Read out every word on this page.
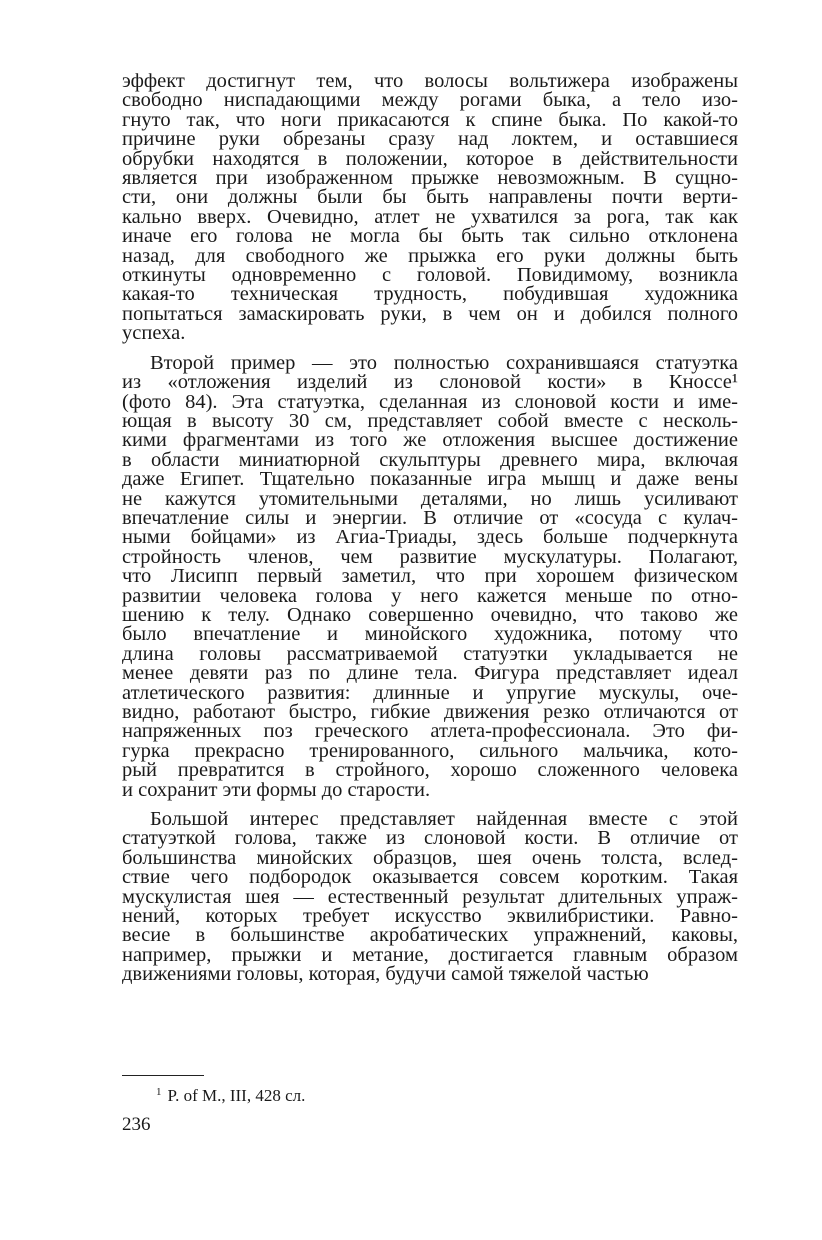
эффект достигнут тем, что волосы вольтижера изображены
свободно ниспадающими между рогами быка, а тело изо-
гнуто так, что ноги прикасаются к спине быка. По какой-то
причине руки обрезаны сразу над локтем, и оставшиеся
обрубки находятся в положении, которое в действительности
является при изображенном прыжке невозможным. В сущно-
сти, они должны были бы быть направлены почти верти-
кально вверх. Очевидно, атлет не ухватился за рога, так как
иначе его голова не могла бы быть так сильно отклонена
назад, для свободного же прыжка его руки должны быть
откинуты одновременно с головой. Повидимому, возникла
какая-то техническая трудность, побудившая художника
попытаться замаскировать руки, в чем он и добился полного
успеха.
Второй пример — это полностью сохранившаяся статуэтка
из «отложения изделий из слоновой кости» в Кноссе¹
(фото 84). Эта статуэтка, сделанная из слоновой кости и име-
ющая в высоту 30 см, представляет собой вместе с несколь-
кими фрагментами из того же отложения высшее достижение
в области миниатюрной скульптуры древнего мира, включая
даже Египет. Тщательно показанные игра мышц и даже вены
не кажутся утомительными деталями, но лишь усиливают
впечатление силы и энергии. В отличие от «сосуда с кулач-
ными бойцами» из Агиа-Триады, здесь больше подчеркнута
стройность членов, чем развитие мускулатуры. Полагают,
что Лисипп первый заметил, что при хорошем физическом
развитии человека голова у него кажется меньше по отно-
шению к телу. Однако совершенно очевидно, что таково же
было впечатление и минойского художника, потому что
длина головы рассматриваемой статуэтки укладывается не
менее девяти раз по длине тела. Фигура представляет идеал
атлетического развития: длинные и упругие мускулы, оче-
видно, работают быстро, гибкие движения резко отличаются от
напряженных поз греческого атлета-профессионала. Это фи-
гурка прекрасно тренированного, сильного мальчика, кото-
рый превратится в стройного, хорошо сложенного человека
и сохранит эти формы до старости.
Большой интерес представляет найденная вместе с этой
статуэткой голова, также из слоновой кости. В отличие от
большинства минойских образцов, шея очень толста, вслед-
ствие чего подбородок оказывается совсем коротким. Такая
мускулистая шея — естественный результат длительных упраж-
нений, которых требует искусство эквилибристики. Равно-
весие в большинстве акробатических упражнений, каковы,
например, прыжки и метание, достигается главным образом
движениями головы, которая, будучи самой тяжелой частью
$^1$ P. of M., III, 428 сл.
236
